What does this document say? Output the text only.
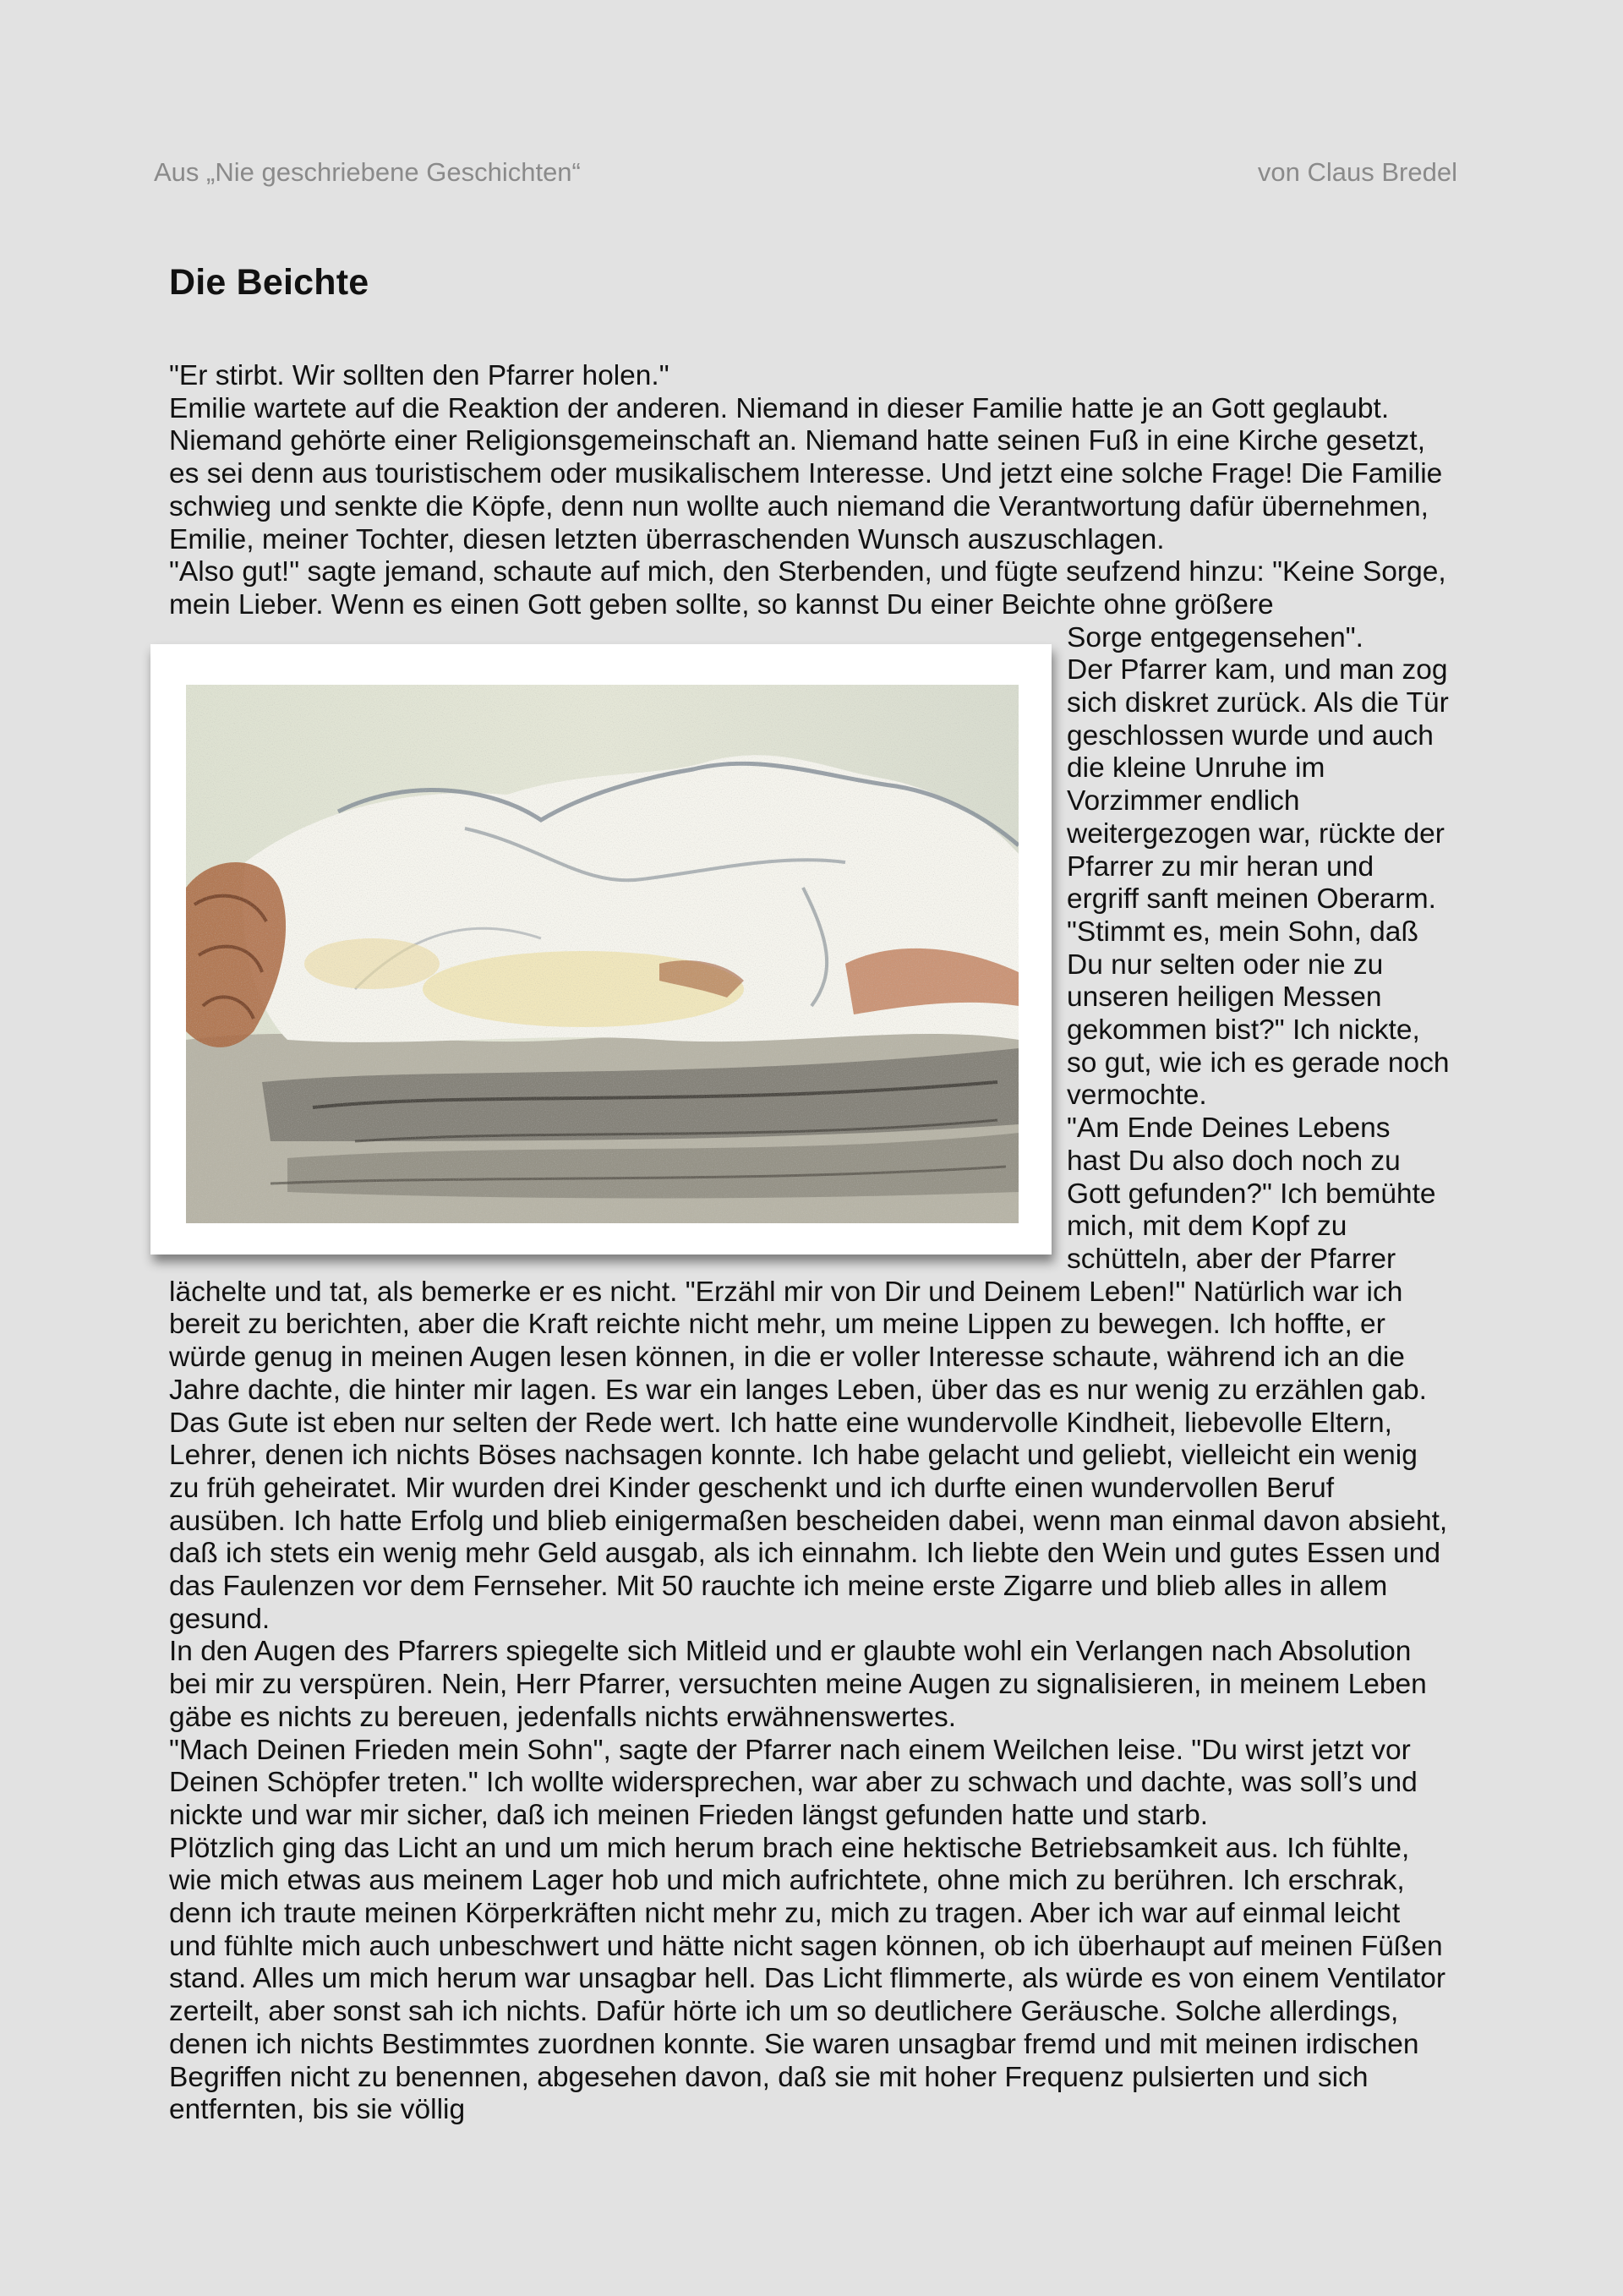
Aus „Nie geschriebene Geschichten“	von Claus Bredel
Die Beichte

"Er stirbt. Wir sollten den Pfarrer holen."

Emilie wartete auf die Reaktion der anderen. Niemand in dieser Familie hatte je an Gott geglaubt. Niemand gehörte einer Religionsgemeinschaft an. Niemand hatte seinen Fuß in eine Kirche gesetzt, es sei denn aus touristischem oder musikalischem Interesse. Und jetzt eine solche Frage! Die Familie schwieg und senkte die Köpfe, denn nun wollte auch niemand die Verantwortung dafür übernehmen, Emilie, meiner Tochter, diesen letzten überraschenden Wunsch auszuschlagen.

"Also gut!" sagte jemand, schaute auf mich, den Sterbenden, und fügte seufzend hinzu: "Keine Sorge, mein Lieber. Wenn es einen Gott geben sollte, so kannst Du einer Beichte ohne größere

Sorge entgegensehen".

Der Pfarrer kam, und man zog sich diskret zurück. Als die Tür geschlossen wurde und auch die kleine Unruhe im Vorzimmer endlich weitergezogen war, rückte der Pfarrer zu mir heran und ergriff sanft meinen Oberarm. "Stimmt es, mein Sohn, daß Du nur selten oder nie zu unseren heiligen Messen gekommen bist?" Ich nickte, so gut, wie ich es gerade noch vermochte.

"Am Ende Deines Lebens hast Du also doch noch zu Gott gefunden?" Ich bemühte mich, mit dem Kopf zu schütteln, aber der Pfarrer lächelte und tat, als bemerke er es nicht. "Erzähl mir von Dir und Deinem Leben!" Natürlich war ich bereit zu berichten, aber die Kraft reichte nicht mehr, um meine Lippen zu bewegen. Ich hoffte, er würde genug in meinen Augen lesen können, in die er voller Interesse schaute, während ich an die Jahre dachte, die hinter mir lagen. Es war ein langes Leben, über das es nur wenig zu erzählen gab. Das Gute ist eben nur selten der Rede wert. Ich hatte eine wundervolle Kindheit, liebevolle Eltern, Lehrer, denen ich nichts Böses nachsagen konnte. Ich habe gelacht und geliebt, vielleicht ein wenig zu früh geheiratet. Mir wurden drei Kinder geschenkt und ich durfte einen wundervollen Beruf ausüben. Ich hatte Erfolg und blieb einigermaßen bescheiden dabei, wenn man einmal davon absieht, daß ich stets ein wenig mehr Geld ausgab, als ich einnahm. Ich liebte den Wein und gutes Essen und das Faulenzen vor dem Fernseher. Mit 50 rauchte ich meine erste Zigarre und blieb alles in allem gesund.

In den Augen des Pfarrers spiegelte sich Mitleid und er glaubte wohl ein Verlangen nach Absolution bei mir zu verspüren. Nein, Herr Pfarrer, versuchten meine Augen zu signalisieren, in meinem Leben gäbe es nichts zu bereuen, jedenfalls nichts erwähnenswertes.

"Mach Deinen Frieden mein Sohn", sagte der Pfarrer nach einem Weilchen leise. "Du wirst jetzt vor Deinen Schöpfer treten." Ich wollte widersprechen, war aber zu schwach und dachte, was soll’s und nickte und war mir sicher, daß ich meinen Frieden längst gefunden hatte und starb.

Plötzlich ging das Licht an und um mich herum brach eine hektische Betriebsamkeit aus. Ich fühlte, wie mich etwas aus meinem Lager hob und mich aufrichtete, ohne mich zu berühren. Ich erschrak, denn ich traute meinen Körperkräften nicht mehr zu, mich zu tragen. Aber ich war auf einmal leicht und fühlte mich auch unbeschwert und hätte nicht sagen können, ob ich überhaupt auf meinen Füßen stand. Alles um mich herum war unsagbar hell. Das Licht flimmerte, als würde es von einem Ventilator zerteilt, aber sonst sah ich nichts. Dafür hörte ich um so deutlichere Geräusche. Solche allerdings, denen ich nichts Bestimmtes zuordnen konnte. Sie waren unsagbar fremd und mit meinen irdischen Begriffen nicht zu benennen, abgesehen davon, daß sie mit hoher Frequenz pulsierten und sich entfernten, bis sie völlig
